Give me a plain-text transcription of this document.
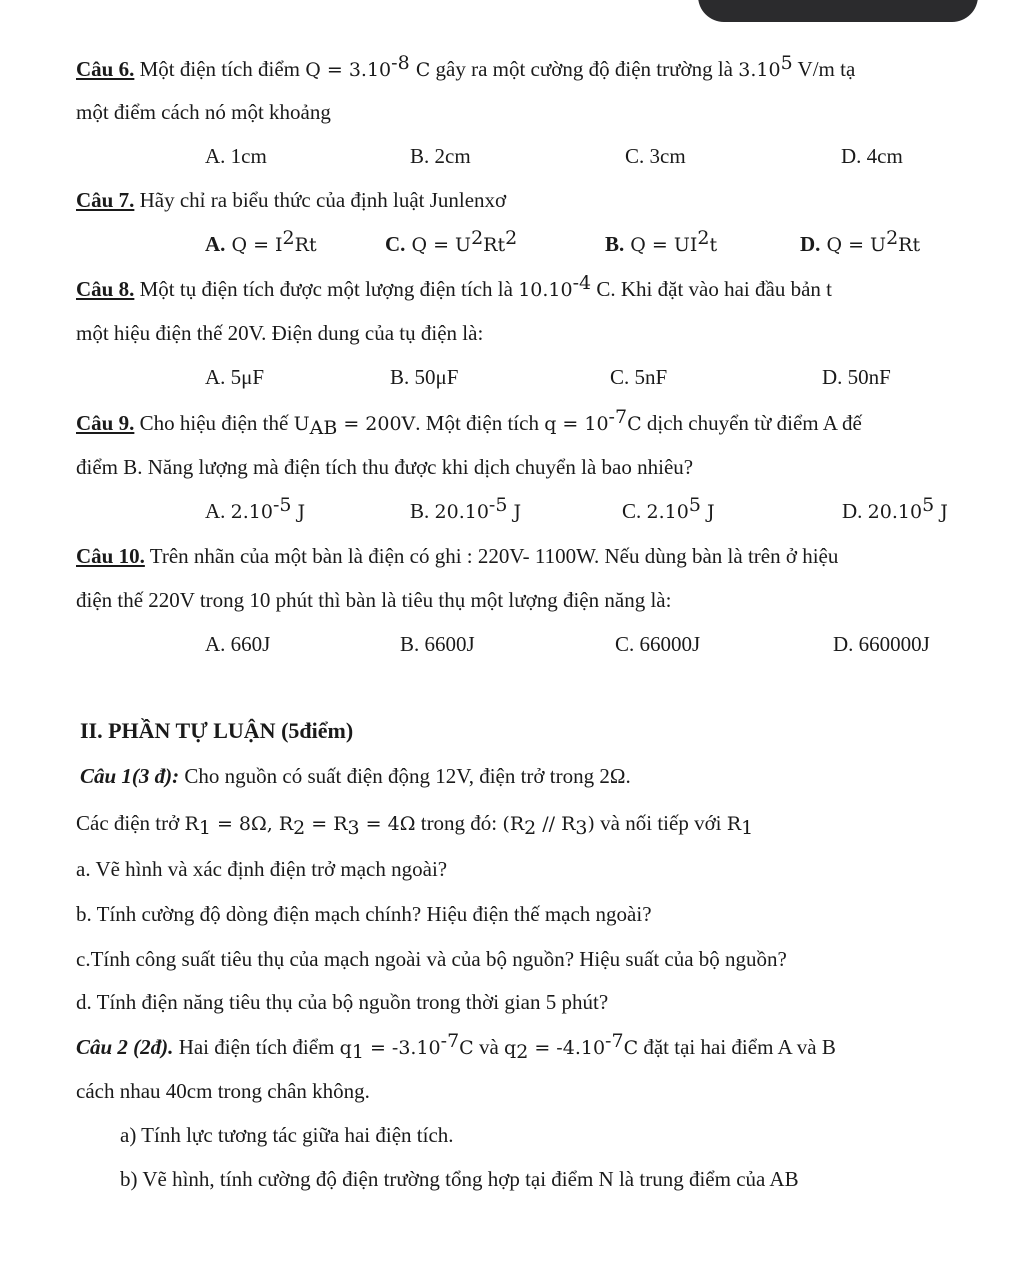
Câu 6. Một điện tích điểm $Q = 3.10^{-8}$ C gây ra một cường độ điện trường là 3.10$^5$ V/m tạ
một điểm cách nó một khoảng
A. 1cm	B. 2cm	C. 3cm	D. 4cm
Câu 7. Hãy chỉ ra biểu thức của định luật Junlenxơ
A. $Q = I^2Rt$	C. $Q = U^2Rt^2$	B. $Q = UI^2t$	D. $Q = U^2Rt$
Câu 8. Một tụ điện tích được một lượng điện tích là $10.10^{-4}$ C. Khi đặt vào hai đầu bản t
một hiệu điện thế 20V. Điện dung của tụ điện là:
A. 5μF	B. 50μF	C. 5nF	D. 50nF
Câu 9. Cho hiệu điện thế $U_{AB} = 200V$. Một điện tích $q = 10^{-7}C$ dịch chuyển từ điểm A đế
điểm B. Năng lượng mà điện tích thu được khi dịch chuyển là bao nhiêu?
A. $2.10^{-5}$ J	B. $20.10^{-5}$ J	C. 2.10$^5$ J	D. 20.10$^5$ J
Câu 10. Trên nhãn của một bàn là điện có ghi : 220V- 1100W. Nếu dùng bàn là trên ở hiệu
điện thế 220V trong 10 phút thì bàn là tiêu thụ một lượng điện năng là:
A. 660J	B. 6600J	C. 66000J	D. 660000J
II. PHẦN TỰ LUẬN (5điểm)
Câu 1(3 đ): Cho nguồn có suất điện động 12V, điện trở trong 2Ω.
Các điện trở $R_1 = 8\Omega$, $R_2 = R_3 = 4\Omega$ trong đó: $(R_2 // R_3)$ và nối tiếp với $R_1$
a. Vẽ hình và xác định điện trở mạch ngoài?
b. Tính cường độ dòng điện mạch chính? Hiệu điện thế mạch ngoài?
c.Tính công suất tiêu thụ của mạch ngoài và của bộ nguồn? Hiệu suất của bộ nguồn?
d. Tính điện năng tiêu thụ của bộ nguồn trong thời gian 5 phút?
Câu 2 (2đ). Hai điện tích điểm $q_1 = -3.10^{-7}C$ và $q_2 = -4.10^{-7}C$ đặt tại hai điểm A và B
cách nhau 40cm trong chân không.
a) Tính lực tương tác giữa hai điện tích.
b) Vẽ hình, tính cường độ điện trường tổng hợp tại điểm N là trung điểm của AB
